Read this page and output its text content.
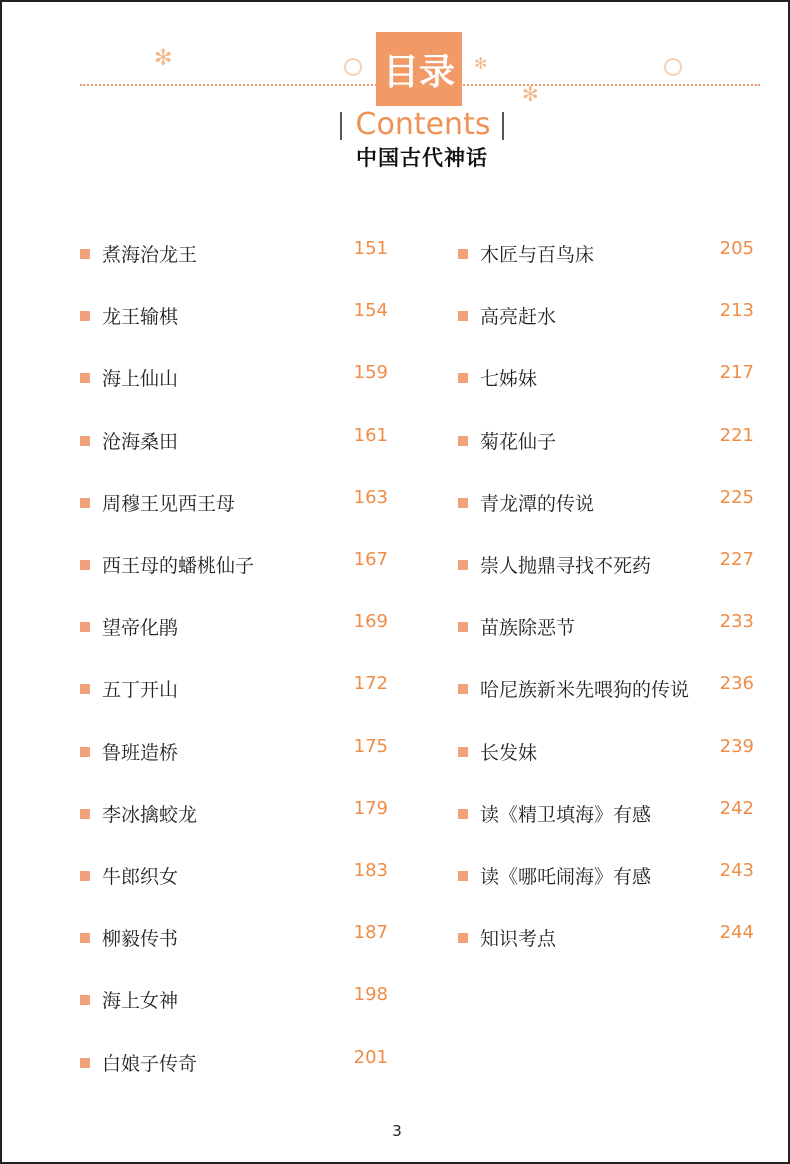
✻	✻
✻
目录
Contents
中国古代神话
煮海治龙王	151
龙王输棋	154
海上仙山	159
沧海桑田	161
周穆王见西王母	163
西王母的蟠桃仙子	167
望帝化鹃	169
五丁开山	172
鲁班造桥	175
李冰擒蛟龙	179
牛郎织女	183
柳毅传书	187
海上女神	198
白娘子传奇	201
木匠与百鸟床	205
高亮赶水	213
七姊妹	217
菊花仙子	221
青龙潭的传说	225
崇人抛鼎寻找不死药	227
苗族除恶节	233
哈尼族新米先喂狗的传说 236
长发妹	239
读《精卫填海》有感	242
读《哪吒闹海》有感	243
知识考点	244
3
